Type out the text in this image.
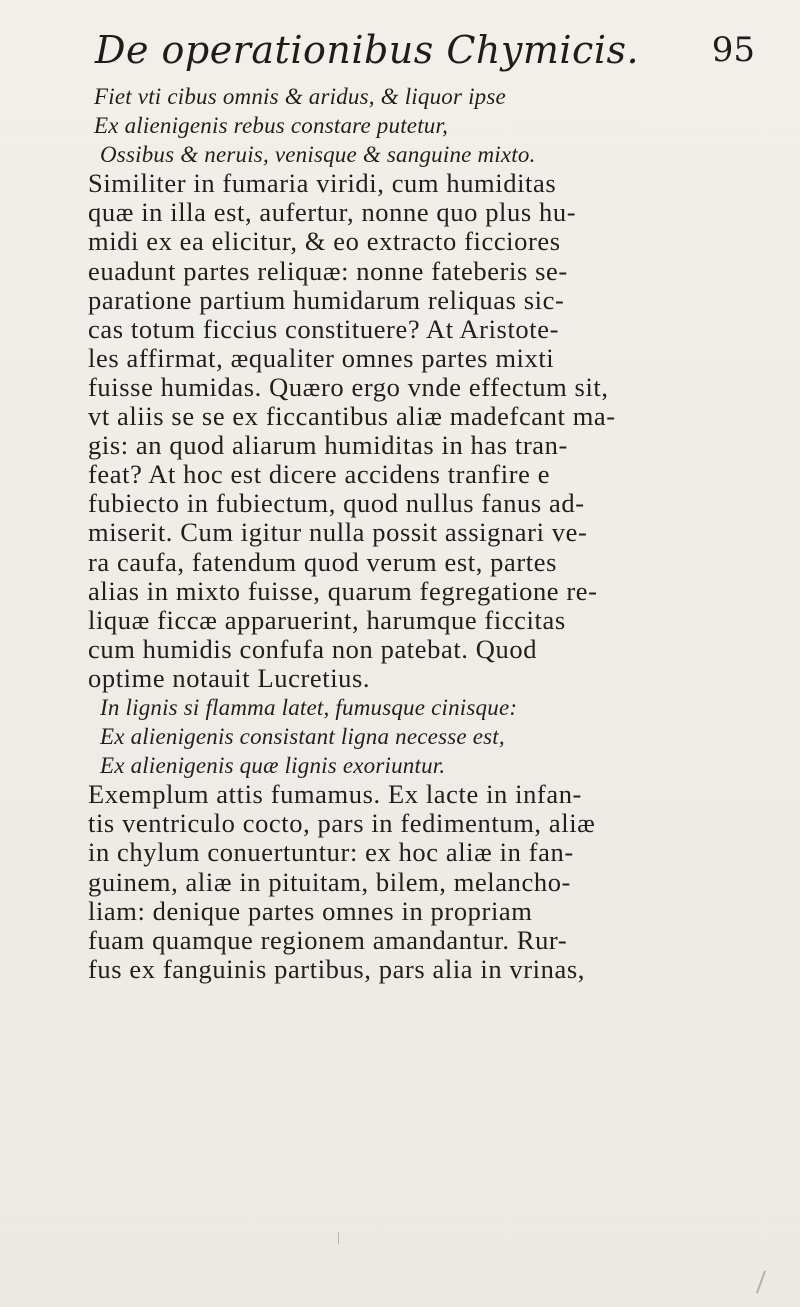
De operationibus Chymicis. 95
Fiet vti cibus omnis & aridus, & liquor ipse
Ex alienigenis rebus constare putetur,
Ossibus & neruis, venisque & sanguine mixto.
Similiter in fumaria viridi, cum humiditas
quæ in illa est, aufertur, nonne quo plus hu-
midi ex ea elicitur, & eo extracto ficciores
euadunt partes reliquæ: nonne fateberis se-
paratione partium humidarum reliquas sic-
cas totum ficcius constituere? At Aristote-
les affirmat, æqualiter omnes partes mixti
fuisse humidas. Quæro ergo vnde effectum sit,
vt aliis se se ex ficcantibus aliæ madefcant ma-
gis: an quod aliarum humiditas in has tran-
feat? At hoc est dicere accidens tranfire e
fubiecto in fubiectum, quod nullus fanus ad-
miserit. Cum igitur nulla possit assignari ve-
ra caufa, fatendum quod verum est, partes
alias in mixto fuisse, quarum fegregatione re-
liquæ ficcæ apparuerint, harumque ficcitas
cum humidis confufa non patebat. Quod
optime notauit Lucretius.
In lignis si flamma latet, fumusque cinisque:
Ex alienigenis consistant ligna necesse est,
Ex alienigenis quæ lignis exoriuntur.
Exemplum attis fumamus. Ex lacte in infan-
tis ventriculo cocto, pars in fedimentum, aliæ
in chylum conuertuntur: ex hoc aliæ in fan-
guinem, aliæ in pituitam, bilem, melancho-
liam: denique partes omnes in propriam
fuam quamque regionem amandantur. Rur-
fus ex fanguinis partibus, pars alia in vrinas,
